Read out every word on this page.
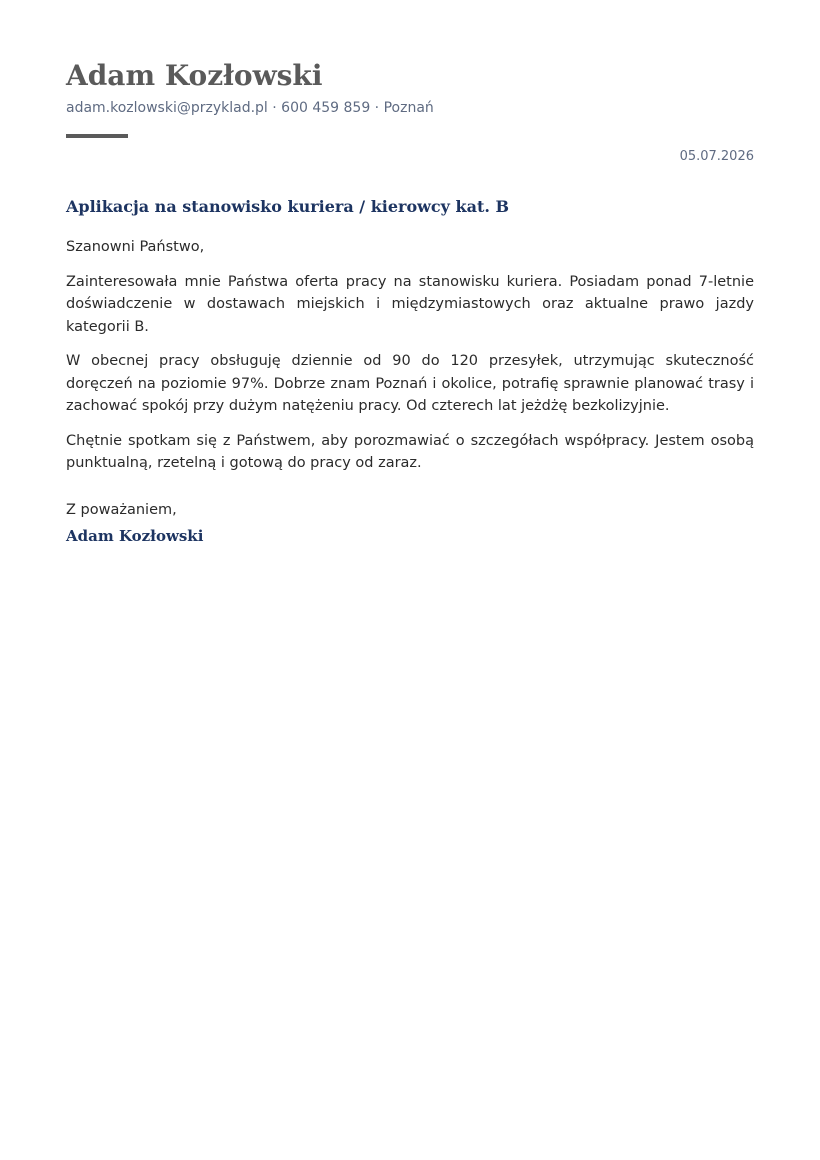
Adam Kozłowski
adam.kozlowski@przyklad.pl · 600 459 859 · Poznań
05.07.2026
Aplikacja na stanowisko kuriera / kierowcy kat. B
Szanowni Państwo,

Zainteresowała mnie Państwa oferta pracy na stanowisku kuriera. Posiadam ponad 7-letnie doświadczenie w dostawach miejskich i międzymiastowych oraz aktualne prawo jazdy kategorii B.

W obecnej pracy obsługuję dziennie od 90 do 120 przesyłek, utrzymując skuteczność doręczeń na poziomie 97%. Dobrze znam Poznań i okolice, potrafię sprawnie planować trasy i zachować spokój przy dużym natężeniu pracy. Od czterech lat jeżdżę bezkolizyjnie.

Chętnie spotkam się z Państwem, aby porozmawiać o szczegółach współpracy. Jestem osobą punktualną, rzetelną i gotową do pracy od zaraz.

Z poważaniem,
Adam Kozłowski
